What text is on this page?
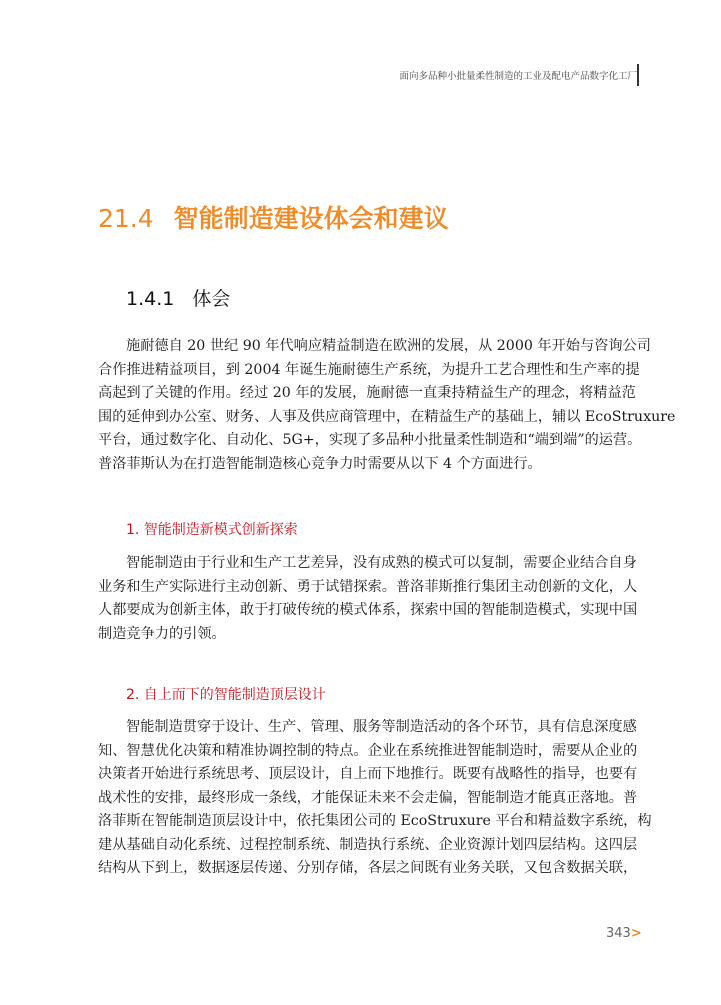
面向多品种小批量柔性制造的工业及配电产品数字化工厂
21.4 智能制造建设体会和建议
1.4.1 体会
施耐德自 20 世纪 90 年代响应精益制造在欧洲的发展，从 2000 年开始与咨询公司
合作推进精益项目，到 2004 年诞生施耐德生产系统，为提升工艺合理性和生产率的提
高起到了关键的作用。经过 20 年的发展，施耐德一直秉持精益生产的理念，将精益范
围的延伸到办公室、财务、人事及供应商管理中，在精益生产的基础上，辅以 EcoStruxure
平台，通过数字化、自动化、5G+，实现了多品种小批量柔性制造和“端到端”的运营。
普洛菲斯认为在打造智能制造核心竞争力时需要从以下 4 个方面进行。
1. 智能制造新模式创新探索
智能制造由于行业和生产工艺差异，没有成熟的模式可以复制，需要企业结合自身
业务和生产实际进行主动创新、勇于试错探索。普洛菲斯推行集团主动创新的文化，人
人都要成为创新主体，敢于打破传统的模式体系，探索中国的智能制造模式，实现中国
制造竞争力的引领。
2. 自上而下的智能制造顶层设计
智能制造贯穿于设计、生产、管理、服务等制造活动的各个环节，具有信息深度感
知、智慧优化决策和精准协调控制的特点。企业在系统推进智能制造时，需要从企业的
决策者开始进行系统思考、顶层设计，自上而下地推行。既要有战略性的指导，也要有
战术性的安排，最终形成一条线，才能保证未来不会走偏，智能制造才能真正落地。普
洛菲斯在智能制造顶层设计中，依托集团公司的 EcoStruxure 平台和精益数字系统，构
建从基础自动化系统、过程控制系统、制造执行系统、企业资源计划四层结构。这四层
结构从下到上，数据逐层传递、分别存储，各层之间既有业务关联，又包含数据关联，
343>
